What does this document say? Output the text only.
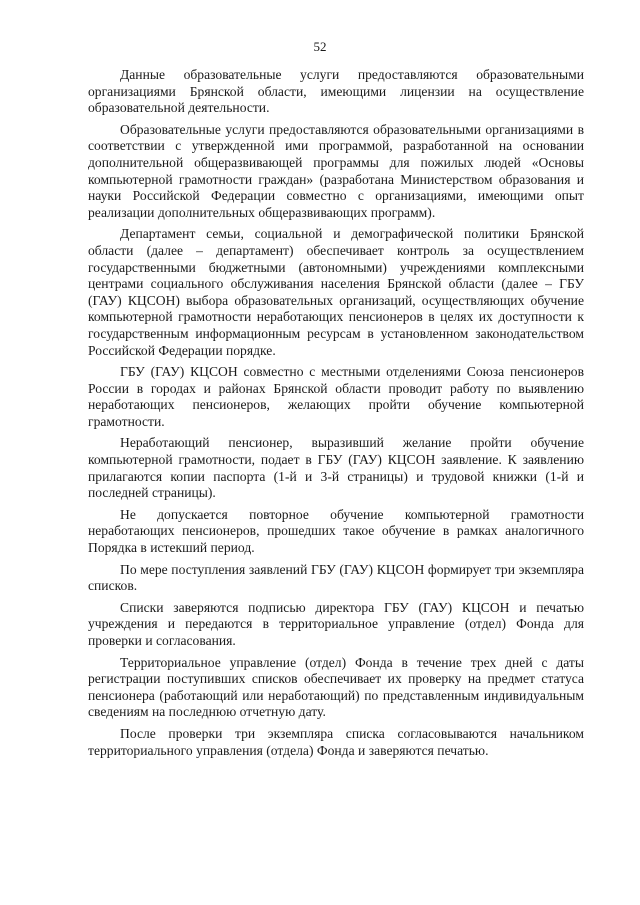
52

Данные образовательные услуги предоставляются образовательными организациями Брянской области, имеющими лицензии на осуществление образовательной деятельности.

Образовательные услуги предоставляются образовательными организациями в соответствии с утвержденной ими программой, разработанной на основании дополнительной общеразвивающей программы для пожилых людей «Основы компьютерной грамотности граждан» (разработана Министерством образования и науки Российской Федерации совместно с организациями, имеющими опыт реализации дополнительных общеразвивающих программ).

Департамент семьи, социальной и демографической политики Брянской области (далее – департамент) обеспечивает контроль за осуществлением государственными бюджетными (автономными) учреждениями комплексными центрами социального обслуживания населения Брянской области (далее – ГБУ (ГАУ) КЦСОН) выбора образовательных организаций, осуществляющих обучение компьютерной грамотности неработающих пенсионеров в целях их доступности к государственным информационным ресурсам в установленном законодательством Российской Федерации порядке.

ГБУ (ГАУ) КЦСОН совместно с местными отделениями Союза пенсионеров России в городах и районах Брянской области проводит работу по выявлению неработающих пенсионеров, желающих пройти обучение компьютерной грамотности.

Неработающий пенсионер, выразивший желание пройти обучение компьютерной грамотности, подает в ГБУ (ГАУ) КЦСОН заявление. К заявлению прилагаются копии паспорта (1-й и 3-й страницы) и трудовой книжки (1-й и последней страницы).

Не допускается повторное обучение компьютерной грамотности неработающих пенсионеров, прошедших такое обучение в рамках аналогичного Порядка в истекший период.

По мере поступления заявлений ГБУ (ГАУ) КЦСОН формирует три экземпляра списков.

Списки заверяются подписью директора ГБУ (ГАУ) КЦСОН и печатью учреждения и передаются в территориальное управление (отдел) Фонда для проверки и согласования.

Территориальное управление (отдел) Фонда в течение трех дней с даты регистрации поступивших списков обеспечивает их проверку на предмет статуса пенсионера (работающий или неработающий) по представленным индивидуальным сведениям на последнюю отчетную дату.

После проверки три экземпляра списка согласовываются начальником территориального управления (отдела) Фонда и заверяются печатью.
